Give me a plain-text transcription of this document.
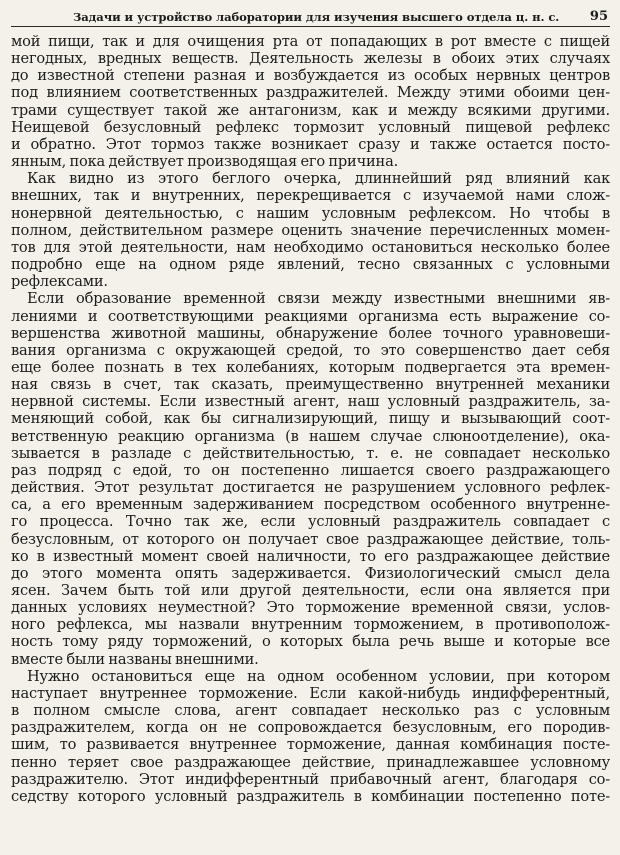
Задачи и устройство лаборатории для изучения высшего отдела ц. н. с. 95

мой пищи, так и для очищения рта от попадающих в рот вместе с пищей
негодных, вредных веществ. Деятельность железы в обоих этих случаях
до известной степени разная и возбуждается из особых нервных центров
под влиянием соответственных раздражителей. Между этими обоими цен-
трами существует такой же антагонизм, как и между всякими другими.
Неищевой безусловный рефлекс тормозит условный пищевой рефлекс
и обратно. Этот тормоз также возникает сразу и также остается посто-
янным, пока действует производящая его причина.

Как видно из этого беглого очерка, длиннейший ряд влияний как
внешних, так и внутренних, перекрещивается с изучаемой нами слож-
нонервной деятельностью, с нашим условным рефлексом. Но чтобы в
полном, действительном размере оценить значение перечисленных момен-
тов для этой деятельности, нам необходимо остановиться несколько более
подробно еще на одном ряде явлений, тесно связанных с условными
рефлексами.

Если образование временной связи между известными внешними яв-
лениями и соответствующими реакциями организма есть выражение со-
вершенства животной машины, обнаружение более точного уравновеши-
вания организма с окружающей средой, то это совершенство дает себя
еще более познать в тех колебаниях, которым подвергается эта времен-
ная связь в счет, так сказать, преимущественно внутренней механики
нервной системы. Если известный агент, наш условный раздражитель, за-
меняющий собой, как бы сигнализирующий, пищу и вызывающий соот-
ветственную реакцию организма (в нашем случае слюноотделение), ока-
зывается в разладе с действительностью, т. е. не совпадает несколько
раз подряд с едой, то он постепенно лишается своего раздражающего
действия. Этот результат достигается не разрушением условного рефлек-
са, а его временным задерживанием посредством особенного внутренне-
го процесса. Точно так же, если условный раздражитель совпадает с
безусловным, от которого он получает свое раздражающее действие, толь-
ко в известный момент своей наличности, то его раздражающее действие
до этого момента опять задерживается. Физиологический смысл дела
ясен. Зачем быть той или другой деятельности, если она является при
данных условиях неуместной? Это торможение временной связи, услов-
ного рефлекса, мы назвали внутренним торможением, в противополож-
ность тому ряду торможений, о которых была речь выше и которые все
вместе были названы внешними.

Нужно остановиться еще на одном особенном условии, при котором
наступает внутреннее торможение. Если какой-нибудь индифферентный,
в полном смысле слова, агент совпадает несколько раз с условным
раздражителем, когда он не сопровождается безусловным, его породив-
шим, то развивается внутреннее торможение, данная комбинация посте-
пенно теряет свое раздражающее действие, принадлежавшее условному
раздражителю. Этот индифферентный прибавочный агент, благодаря со-
седству которого условный раздражитель в комбинации постепенно поте-
